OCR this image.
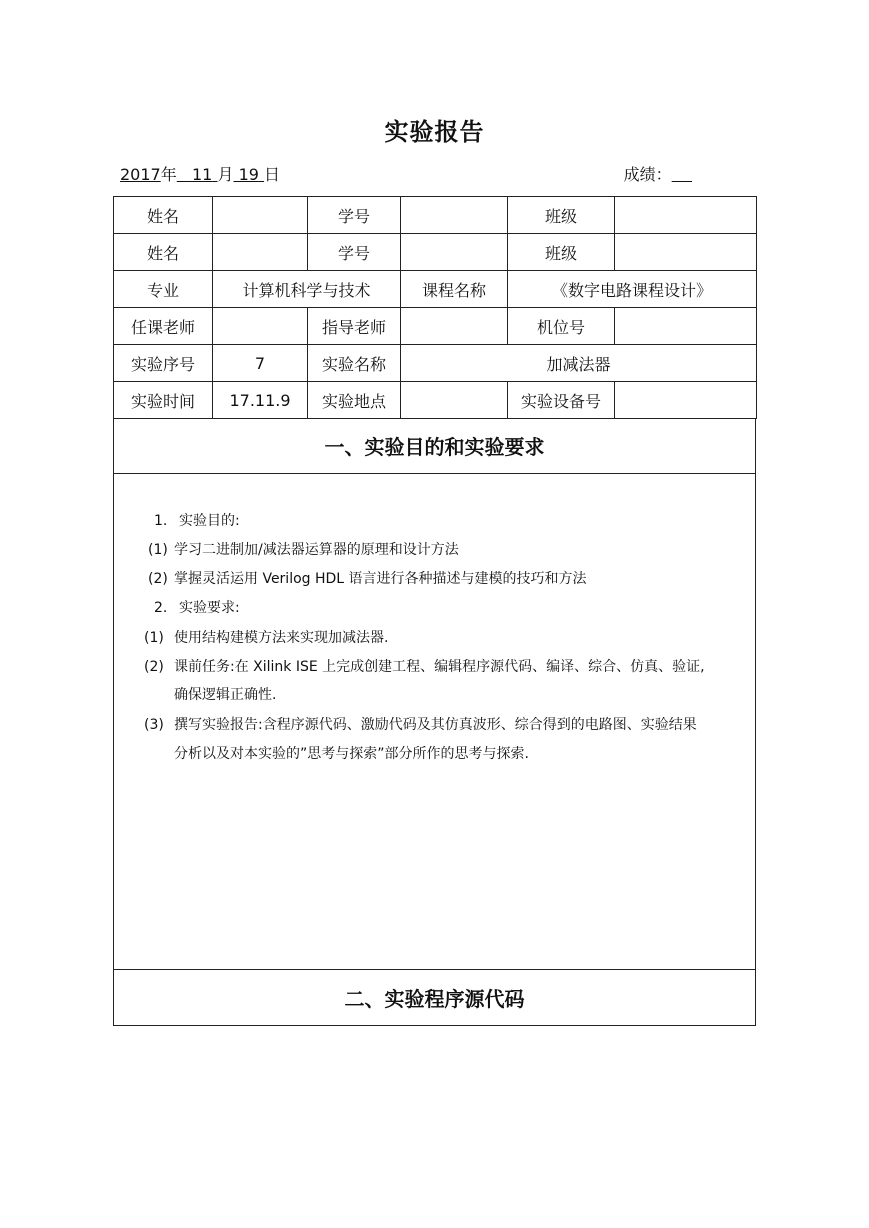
实验报告
2017年 11 月 19 日	成绩：
姓名		学号		班级	
姓名		学号		班级	
专业	计算机科学与技术		课程名称	《数字电路课程设计》	
任课老师		指导老师		机位号	
实验序号	7	实验名称	加减法器		
实验时间	17.11.9	实验地点		实验设备号	
一、实验目的和实验要求
1. 实验目的:
(1) 学习二进制加/减法器运算器的原理和设计方法
(2) 掌握灵活运用 Verilog HDL 语言进行各种描述与建模的技巧和方法
2. 实验要求:
(1) 使用结构建模方法来实现加减法器.
(2) 课前任务:在 Xilink ISE 上完成创建工程、编辑程序源代码、编译、综合、仿真、验证,
确保逻辑正确性.
(3) 撰写实验报告:含程序源代码、激励代码及其仿真波形、综合得到的电路图、实验结果
分析以及对本实验的”思考与探索”部分所作的思考与探索.
二、实验程序源代码
